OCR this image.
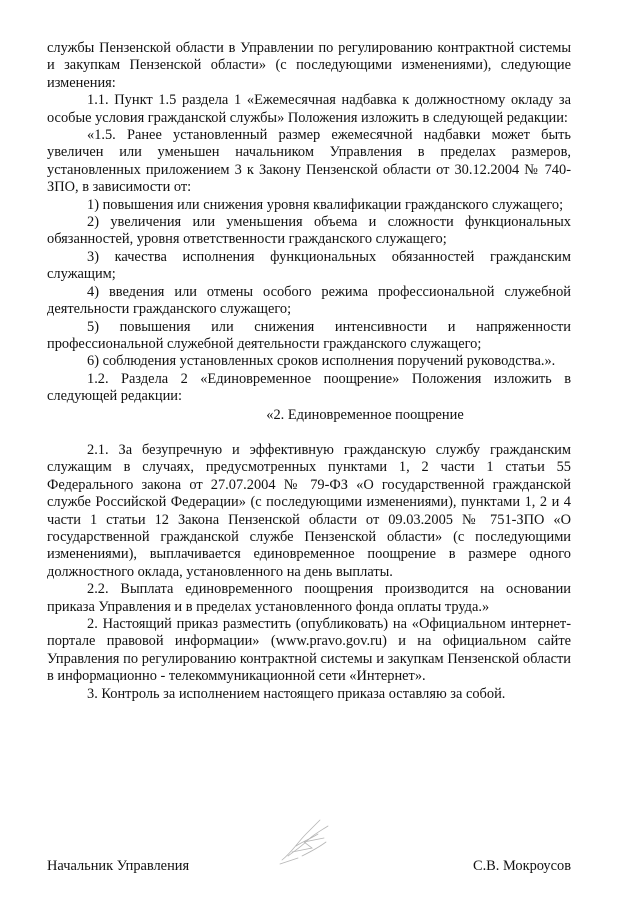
службы Пензенской области в Управлении по регулированию контрактной системы и закупкам Пензенской области» (с последующими изменениями), следующие изменения:

1.1. Пункт 1.5 раздела 1 «Ежемесячная надбавка к должностному окладу за особые условия гражданской службы» Положения изложить в следующей редакции:

«1.5. Ранее установленный размер ежемесячной надбавки может быть увеличен или уменьшен начальником Управления в пределах размеров, установленных приложением 3 к Закону Пензенской области от 30.12.2004 № 740-ЗПО, в зависимости от:

1) повышения или снижения уровня квалификации гражданского служащего;

2) увеличения или уменьшения объема и сложности функциональных обязанностей, уровня ответственности гражданского служащего;

3) качества исполнения функциональных обязанностей гражданским служащим;

4) введения или отмены особого режима профессиональной служебной деятельности гражданского служащего;

5) повышения или снижения интенсивности и напряженности профессиональной служебной деятельности гражданского служащего;

6) соблюдения установленных сроков исполнения поручений руководства.».

1.2. Раздела 2 «Единовременное поощрение» Положения изложить в следующей редакции:

«2. Единовременное поощрение

2.1. За безупречную и эффективную гражданскую службу гражданским служащим в случаях, предусмотренных пунктами 1, 2 части 1 статьи 55 Федерального закона от 27.07.2004 № 79-ФЗ «О государственной гражданской службе Российской Федерации» (с последующими изменениями), пунктами 1, 2 и 4 части 1 статьи 12 Закона Пензенской области от 09.03.2005 № 751-ЗПО «О государственной гражданской службе Пензенской области» (с последующими изменениями), выплачивается единовременное поощрение в размере одного должностного оклада, установленного на день выплаты.

2.2. Выплата единовременного поощрения производится на основании приказа Управления и в пределах установленного фонда оплаты труда.»

2. Настоящий приказ разместить (опубликовать) на «Официальном интернет-портале правовой информации» (www.pravo.gov.ru) и на официальном сайте Управления по регулированию контрактной системы и закупкам Пензенской области в информационно - телекоммуникационной сети «Интернет».

3. Контроль за исполнением настоящего приказа оставляю за собой.

Начальник Управления	С.В. Мокроусов
